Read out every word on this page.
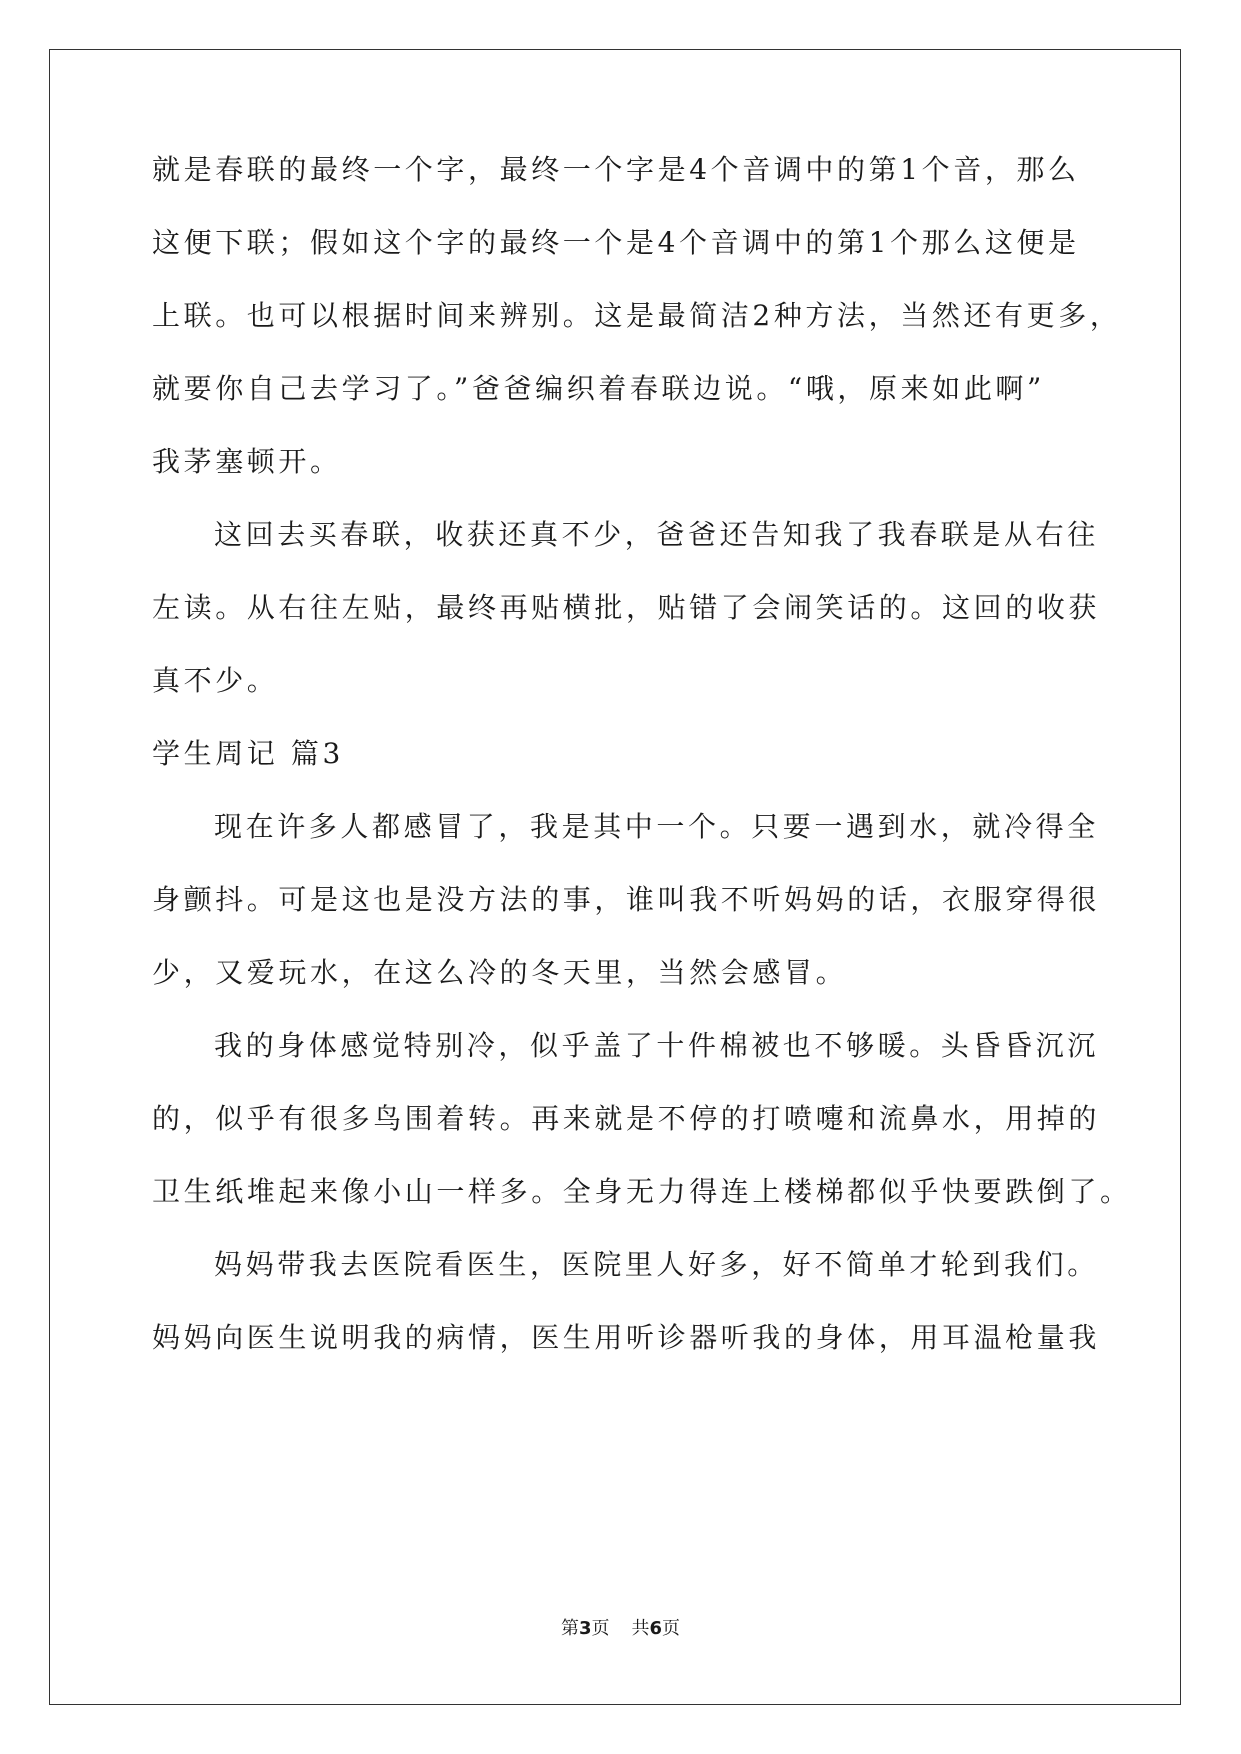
就是春联的最终一个字，最终一个字是4个音调中的第1个音，那么
这便下联；假如这个字的最终一个是4个音调中的第1个那么这便是
上联。也可以根据时间来辨别。这是最简洁2种方法，当然还有更多，
就要你自己去学习了。”爸爸编织着春联边说。“哦，原来如此啊”
我茅塞顿开。
这回去买春联，收获还真不少，爸爸还告知我了我春联是从右往
左读。从右往左贴，最终再贴横批，贴错了会闹笑话的。这回的收获
真不少。
学生周记 篇3
现在许多人都感冒了，我是其中一个。只要一遇到水，就冷得全
身颤抖。可是这也是没方法的事，谁叫我不听妈妈的话，衣服穿得很
少，又爱玩水，在这么冷的冬天里，当然会感冒。
我的身体感觉特别冷，似乎盖了十件棉被也不够暖。头昏昏沉沉
的，似乎有很多鸟围着转。再来就是不停的打喷嚏和流鼻水，用掉的
卫生纸堆起来像小山一样多。全身无力得连上楼梯都似乎快要跌倒了。
妈妈带我去医院看医生，医院里人好多，好不简单才轮到我们。
妈妈向医生说明我的病情，医生用听诊器听我的身体，用耳温枪量我
第3页 共6页
